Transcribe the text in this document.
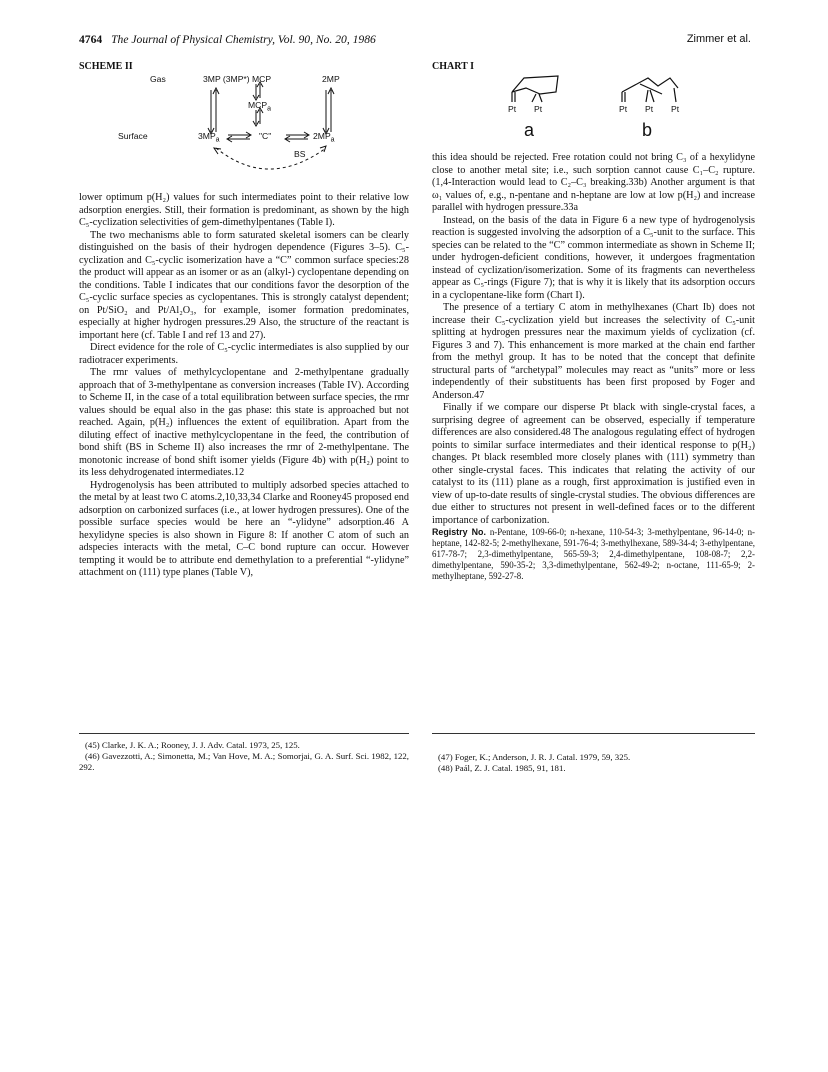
4764 The Journal of Physical Chemistry, Vol. 90, No. 20, 1986	Zimmer et al.
SCHEME II
Gas	3MP (3MP*) MCP	2MP
$MCP_a$
Surface	$3MP_a$	"C"	$2MP_a$
BS
CHART I
Pt Pt	Pt Pt Pt
a	b

lower optimum p(H₂) values for such intermediates point to their relative low adsorption energies. Still, their formation is predominant, as shown by the high C₅-cyclization selectivities of gem-dimethylpentanes (Table I).

The two mechanisms able to form saturated skeletal isomers can be clearly distinguished on the basis of their hydrogen dependence (Figures 3–5). C₅-cyclization and C₅-cyclic isomerization have a “C” common surface species:28 the product will appear as an isomer or as an (alkyl-) cyclopentane depending on the conditions. Table I indicates that our conditions favor the desorption of the C₅-cyclic surface species as cyclopentanes. This is strongly catalyst dependent; on Pt/SiO₂ and Pt/Al₂O₃, for example, isomer formation predominates, especially at higher hydrogen pressures.29 Also, the structure of the reactant is important here (cf. Table I and ref 13 and 27).

Direct evidence for the role of C₅-cyclic intermediates is also supplied by our radiotracer experiments.

The rmr values of methylcyclopentane and 2-methylpentane gradually approach that of 3-methylpentane as conversion increases (Table IV). According to Scheme II, in the case of a total equilibration between surface species, the rmr values should be equal also in the gas phase: this state is approached but not reached. Again, p(H₂) influences the extent of equilibration. Apart from the diluting effect of inactive methylcyclopentane in the feed, the contribution of bond shift (BS in Scheme II) also increases the rmr of 2-methylpentane. The monotonic increase of bond shift isomer yields (Figure 4b) with p(H₂) point to its less dehydrogenated intermediates.12

Hydrogenolysis has been attributed to multiply adsorbed species attached to the metal by at least two C atoms.2,10,33,34 Clarke and Rooney45 proposed end adsorption on carbonized surfaces (i.e., at lower hydrogen pressures). One of the possible surface species would be here an “-ylidyne” adsorption.46 A hexylidyne species is also shown in Figure 8: If another C atom of such an adspecies interacts with the metal, C–C bond rupture can occur. However tempting it would be to attribute end demethylation to a preferential “-ylidyne” attachment on (111) type planes (Table V),

this idea should be rejected. Free rotation could not bring C₃ of a hexylidyne close to another metal site; i.e., such sorption cannot cause C₁–C₂ rupture. (1,4-Interaction would lead to C₂–C₃ breaking.33b) Another argument is that ω₁ values of, e.g., n-pentane and n-heptane are low at low p(H₂) and increase parallel with hydrogen pressure.33a

Instead, on the basis of the data in Figure 6 a new type of hydrogenolysis reaction is suggested involving the adsorption of a C₅-unit to the surface. This species can be related to the “C” common intermediate as shown in Scheme II; under hydrogen-deficient conditions, however, it undergoes fragmentation instead of cyclization/isomerization. Some of its fragments can nevertheless appear as C₅-rings (Figure 7); that is why it is likely that its adsorption occurs in a cyclopentane-like form (Chart I).

The presence of a tertiary C atom in methylhexanes (Chart Ib) does not increase their C₅-cyclization yield but increases the selectivity of C₅-unit splitting at hydrogen pressures near the maximum yields of cyclization (cf. Figures 3 and 7). This enhancement is more marked at the chain end farther from the methyl group. It has to be noted that the concept that definite structural parts of “archetypal” molecules may react as “units” more or less independently of their substituents has been first proposed by Foger and Anderson.47

Finally if we compare our disperse Pt black with single-crystal faces, a surprising degree of agreement can be observed, especially if temperature differences are also considered.48 The analogous regulating effect of hydrogen points to similar surface intermediates and their identical response to p(H₂) changes. Pt black resembled more closely planes with (111) symmetry than other single-crystal faces. This indicates that relating the activity of our catalyst to its (111) plane as a rough, first approximation is justified even in view of up-to-date results of single-crystal studies. The obvious differences are due either to structures not present in well-defined faces or to the different importance of carbonization.

Registry No. n-Pentane, 109-66-0; n-hexane, 110-54-3; 3-methylpentane, 96-14-0; n-heptane, 142-82-5; 2-methylhexane, 591-76-4; 3-methylhexane, 589-34-4; 3-ethylpentane, 617-78-7; 2,3-dimethylpentane, 565-59-3; 2,4-dimethylpentane, 108-08-7; 2,2-dimethylpentane, 590-35-2; 3,3-dimethylpentane, 562-49-2; n-octane, 111-65-9; 2-methylheptane, 592-27-8.

(45) Clarke, J. K. A.; Rooney, J. J. Adv. Catal. 1973, 25, 125.
(46) Gavezzotti, A.; Simonetta, M.; Van Hove, M. A.; Somorjai, G. A. Surf. Sci. 1982, 122, 292.
(47) Foger, K.; Anderson, J. R. J. Catal. 1979, 59, 325.
(48) Paál, Z. J. Catal. 1985, 91, 181.
